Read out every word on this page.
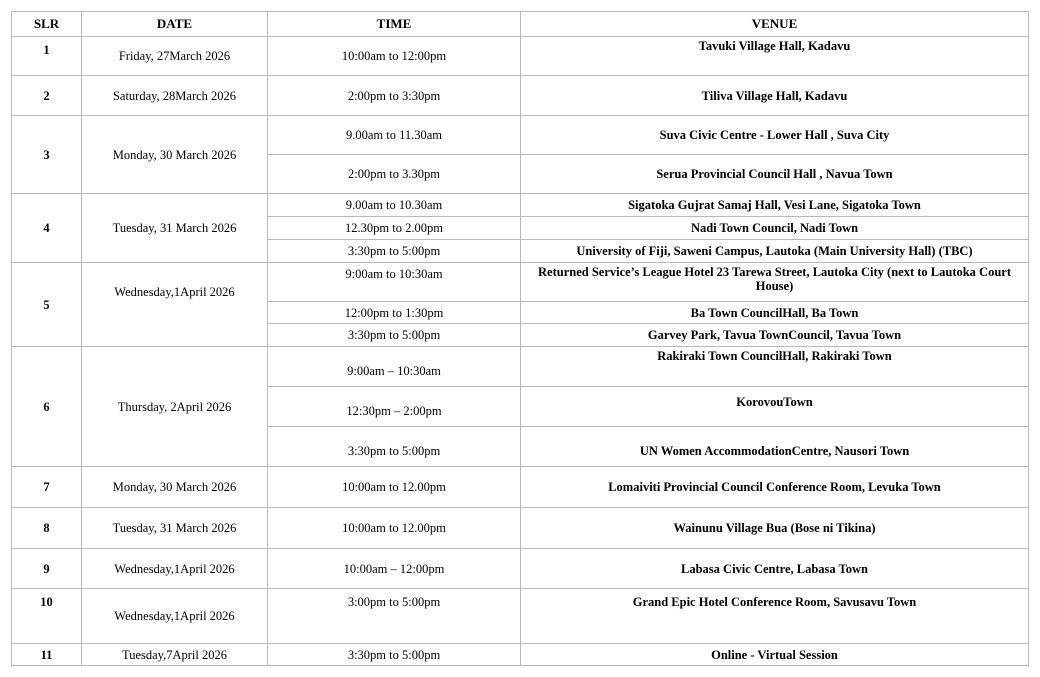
SLR	DATE	TIME	VENUE
1	Friday, 27March 2026	10:00am to 12:00pm	Tavuki Village Hall, Kadavu
2	Saturday, 28March 2026	2:00pm to 3:30pm	Tiliva Village Hall, Kadavu
3	Monday, 30 March 2026	9.00am to 11.30am	Suva Civic Centre - Lower Hall , Suva City
		2:00pm to 3.30pm	Serua Provincial Council Hall , Navua Town
4	Tuesday, 31 March 2026	9.00am to 10.30am	Sigatoka Gujrat Samaj Hall, Vesi Lane, Sigatoka Town
		12.30pm to 2.00pm	Nadi Town Council, Nadi Town
		3:30pm to 5:00pm	University of Fiji, Saweni Campus, Lautoka (Main University Hall) (TBC)
5	Wednesday,1April 2026	9:00am to 10:30am	Returned Service’s League Hotel 23 Tarewa Street, Lautoka City (next to Lautoka Court House)
		12:00pm to 1:30pm	Ba Town CouncilHall, Ba Town
		3:30pm to 5:00pm	Garvey Park, Tavua TownCouncil, Tavua Town
6	Thursday, 2April 2026	9:00am – 10:30am	Rakiraki Town CouncilHall, Rakiraki Town
		12:30pm – 2:00pm	KorovouTown
		3:30pm to 5:00pm	UN Women AccommodationCentre, Nausori Town
7	Monday, 30 March 2026	10:00am to 12.00pm	Lomaiviti Provincial Council Conference Room, Levuka Town
8	Tuesday, 31 March 2026	10:00am to 12.00pm	Wainunu Village Bua (Bose ni Tikina)
9	Wednesday,1April 2026	10:00am – 12:00pm	Labasa Civic Centre, Labasa Town
10	Wednesday,1April 2026	3:00pm to 5:00pm	Grand Epic Hotel Conference Room, Savusavu Town
11	Tuesday,7April 2026	3:30pm to 5:00pm	Online - Virtual Session
